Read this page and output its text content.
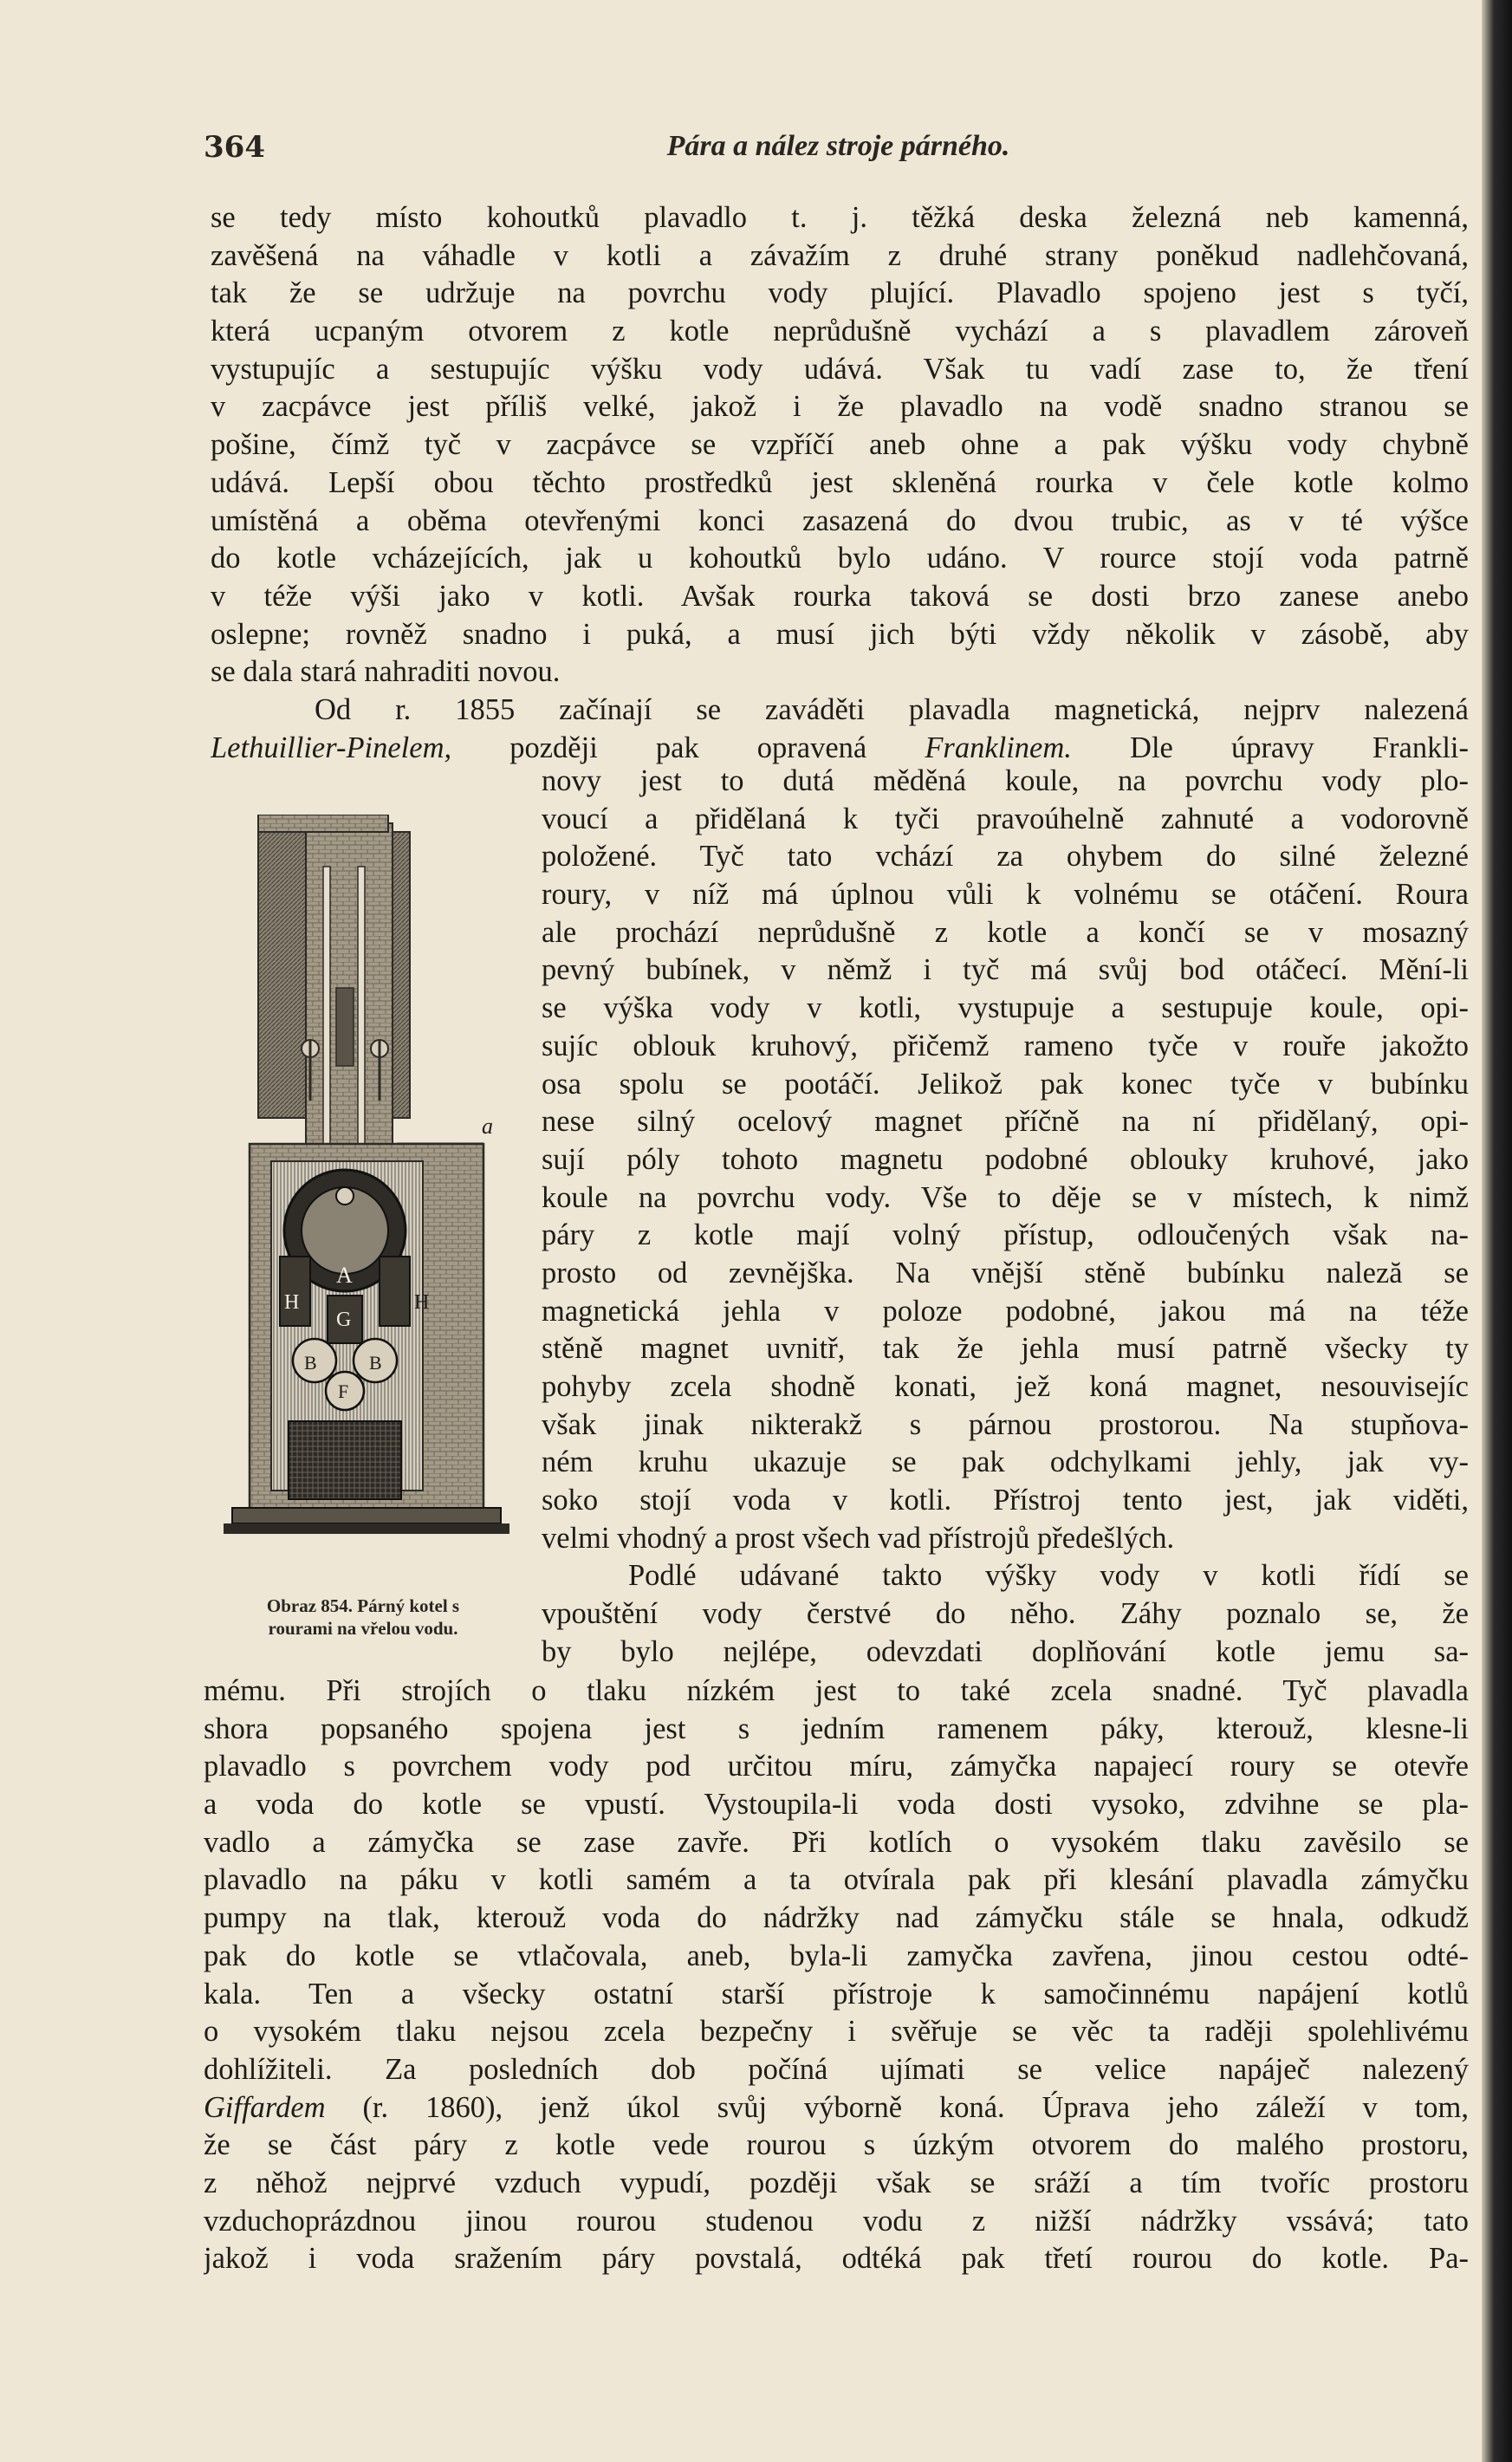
364	Pára a nález stroje párného.
se tedy místo kohoutků plavadlo t. j. těžká deska železná neb kamenná,
zavěšená na váhadle v kotli a závažím z druhé strany poněkud nadlehčovaná,
tak že se udržuje na povrchu vody plující. Plavadlo spojeno jest s tyčí,
která ucpaným otvorem z kotle neprůdušně vychází a s plavadlem zároveň
vystupujíc a sestupujíc výšku vody udává. Však tu vadí zase to, že tření
v zacpávce jest příliš velké, jakož i že plavadlo na vodě snadno stranou se
pošine, čímž tyč v zacpávce se vzpříčí aneb ohne a pak výšku vody chybně
udává. Lepší obou těchto prostředků jest skleněná rourka v čele kotle kolmo
umístěná a oběma otevřenými konci zasazená do dvou trubic, as v té výšce
do kotle vcházejících, jak u kohoutků bylo udáno. V rource stojí voda patrně
v téže výši jako v kotli. Avšak rourka taková se dosti brzo zanese anebo
oslepne; rovněž snadno i puká, a musí jich býti vždy několik v zásobě, aby
se dala stará nahraditi novou.
Od r. 1855 začínají se zaváděti plavadla magnetická, nejprv nalezená
Lethuillier-Pinelem, později pak opravená Franklinem. Dle úpravy Frankli-
a
A
H	H
G
B	B
F
Obraz 854. Párný kotel s
rourami na vřelou vodu.
novy jest to dutá měděná koule, na povrchu vody plo-
voucí a přidělaná k tyči pravoúhelně zahnuté a vodorovně
položené. Tyč tato vchází za ohybem do silné železné
roury, v níž má úplnou vůli k volnému se otáčení. Roura
ale prochází neprůdušně z kotle a končí se v mosazný
pevný bubínek, v němž i tyč má svůj bod otáčecí. Mění-li
se výška vody v kotli, vystupuje a sestupuje koule, opi-
sujíc oblouk kruhový, přičemž rameno tyče v rouře jakožto
osa spolu se pootáčí. Jelikož pak konec tyče v bubínku
nese silný ocelový magnet příčně na ní přidělaný, opi-
sují póly tohoto magnetu podobné oblouky kruhové, jako
koule na povrchu vody. Vše to děje se v místech, k nimž
páry z kotle mají volný přístup, odloučených však na-
prosto od zevnějška. Na vnější stěně bubínku naleză se
magnetická jehla v poloze podobné, jakou má na téže
stěně magnet uvnitř, tak že jehla musí patrně všecky ty
pohyby zcela shodně konati, jež koná magnet, nesouvisejíc
však jinak nikterakž s párnou prostorou. Na stupňova-
ném kruhu ukazuje se pak odchylkami jehly, jak vy-
soko stojí voda v kotli. Přístroj tento jest, jak viděti,
velmi vhodný a prost všech vad přístrojů předešlých.
Podlé udávané takto výšky vody v kotli řídí se
vpouštění vody čerstvé do něho. Záhy poznalo se, že
by bylo nejlépe, odevzdati doplňování kotle jemu sa-
mému. Při strojích o tlaku nízkém jest to také zcela snadné. Tyč plavadla
shora popsaného spojena jest s jedním ramenem páky, kterouž, klesne-li
plavadlo s povrchem vody pod určitou míru, zámyčka napajecí roury se otevře
a voda do kotle se vpustí. Vystoupila-li voda dosti vysoko, zdvihne se pla-
vadlo a zámyčka se zase zavře. Při kotlích o vysokém tlaku zavěsilo se
plavadlo na páku v kotli samém a ta otvírala pak při klesání plavadla zámyčku
pumpy na tlak, kterouž voda do nádržky nad zámyčku stále se hnala, odkudž
pak do kotle se vtlačovala, aneb, byla-li zamyčka zavřena, jinou cestou odté-
kala. Ten a všecky ostatní starší přístroje k samočinnému napájení kotlů
o vysokém tlaku nejsou zcela bezpečny i svěřuje se věc ta raději spolehlivému
dohlížiteli. Za posledních dob počíná ujímati se velice napáječ nalezený
Giffardem (r. 1860), jenž úkol svůj výborně koná. Úprava jeho záleží v tom,
že se část páry z kotle vede rourou s úzkým otvorem do malého prostoru,
z něhož nejprvé vzduch vypudí, později však se sráží a tím tvoříc prostoru
vzduchoprázdnou jinou rourou studenou vodu z nižší nádržky vssává; tato
jakož i voda sražením páry povstalá, odtéká pak třetí rourou do kotle. Pa-
